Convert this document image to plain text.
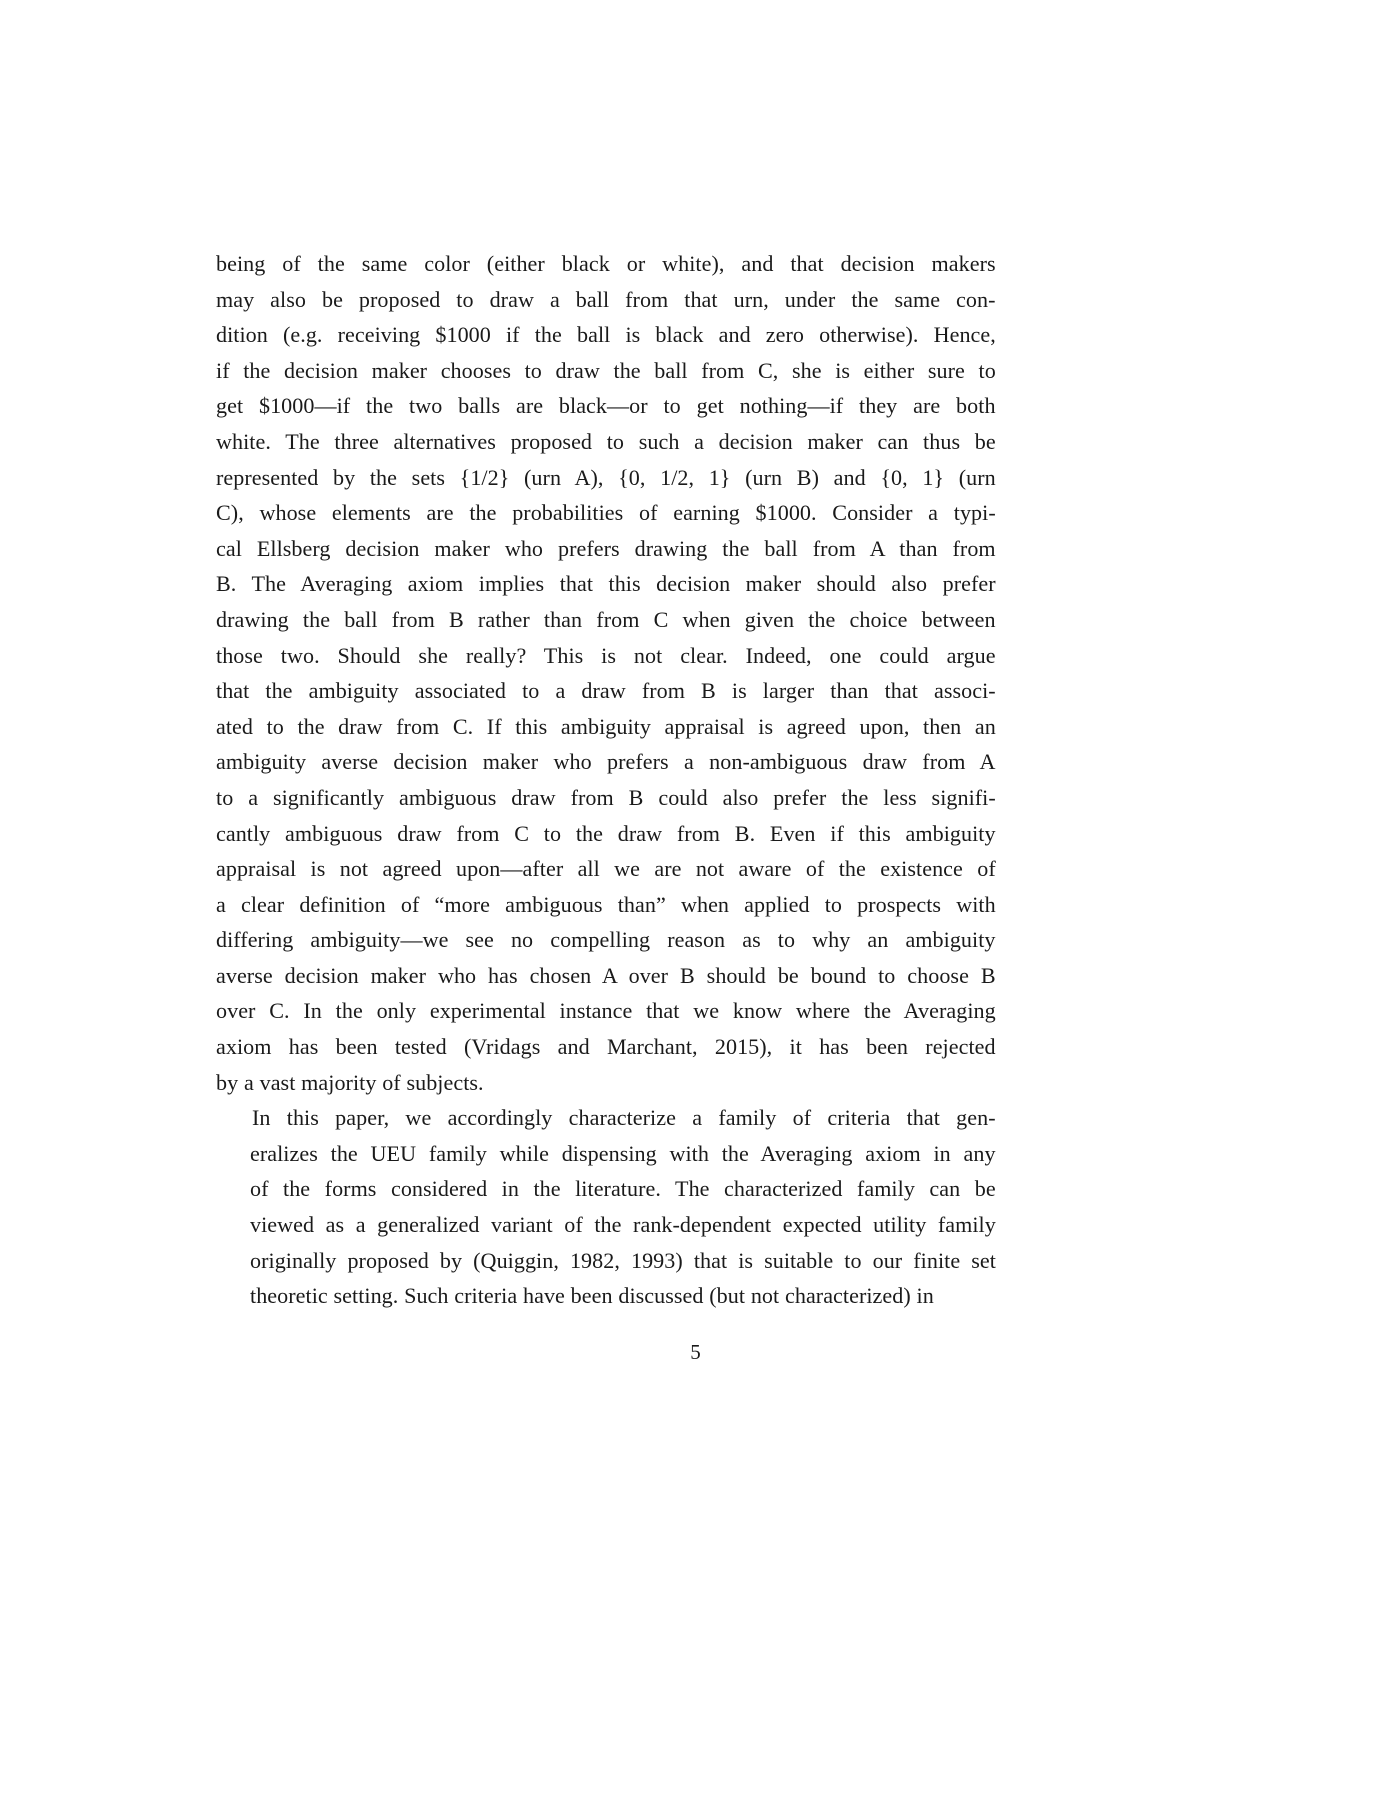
being of the same color (either black or white), and that decision makers
may also be proposed to draw a ball from that urn, under the same con-
dition (e.g. receiving $1000 if the ball is black and zero otherwise). Hence,
if the decision maker chooses to draw the ball from C, she is either sure to
get $1000—if the two balls are black—or to get nothing—if they are both
white. The three alternatives proposed to such a decision maker can thus be
represented by the sets {1/2} (urn A), {0, 1/2, 1} (urn B) and {0, 1} (urn
C), whose elements are the probabilities of earning $1000. Consider a typi-
cal Ellsberg decision maker who prefers drawing the ball from A than from
B. The Averaging axiom implies that this decision maker should also prefer
drawing the ball from B rather than from C when given the choice between
those two. Should she really? This is not clear. Indeed, one could argue
that the ambiguity associated to a draw from B is larger than that associ-
ated to the draw from C. If this ambiguity appraisal is agreed upon, then an
ambiguity averse decision maker who prefers a non-ambiguous draw from A
to a significantly ambiguous draw from B could also prefer the less signifi-
cantly ambiguous draw from C to the draw from B. Even if this ambiguity
appraisal is not agreed upon—after all we are not aware of the existence of
a clear definition of “more ambiguous than” when applied to prospects with
differing ambiguity—we see no compelling reason as to why an ambiguity
averse decision maker who has chosen A over B should be bound to choose B
over C. In the only experimental instance that we know where the Averaging
axiom has been tested (Vridags and Marchant, 2015), it has been rejected
by a vast majority of subjects.

In this paper, we accordingly characterize a family of criteria that gen-
eralizes the UEU family while dispensing with the Averaging axiom in any
of the forms considered in the literature. The characterized family can be
viewed as a generalized variant of the rank-dependent expected utility family
originally proposed by (Quiggin, 1982, 1993) that is suitable to our finite set
theoretic setting. Such criteria have been discussed (but not characterized) in

5
